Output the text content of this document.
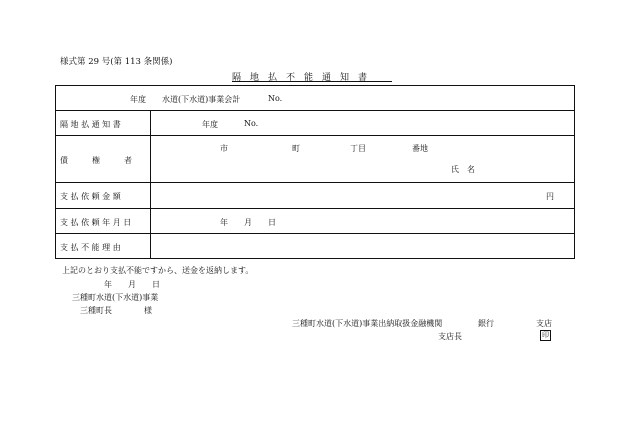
様式第 29 号(第 113 条関係)
隔　地　払　不　能　通　知　書
年度 水道(下水道)事業会計	No.
隔 地 払 通 知 書	年度	No.
債　　　権　　　者
市	町	丁目	番地
氏　名
支 払 依 頼 金 額	円
支 払 依 頼 年 月 日	年 月 日
支 払 不 能 理 由
上記のとおり支払不能ですから、送金を返納します。
年 月 日
三種町水道(下水道)事業
三種町長	様
三種町水道(下水道)事業出納取扱金融機関	銀行	支店
支店長	印
